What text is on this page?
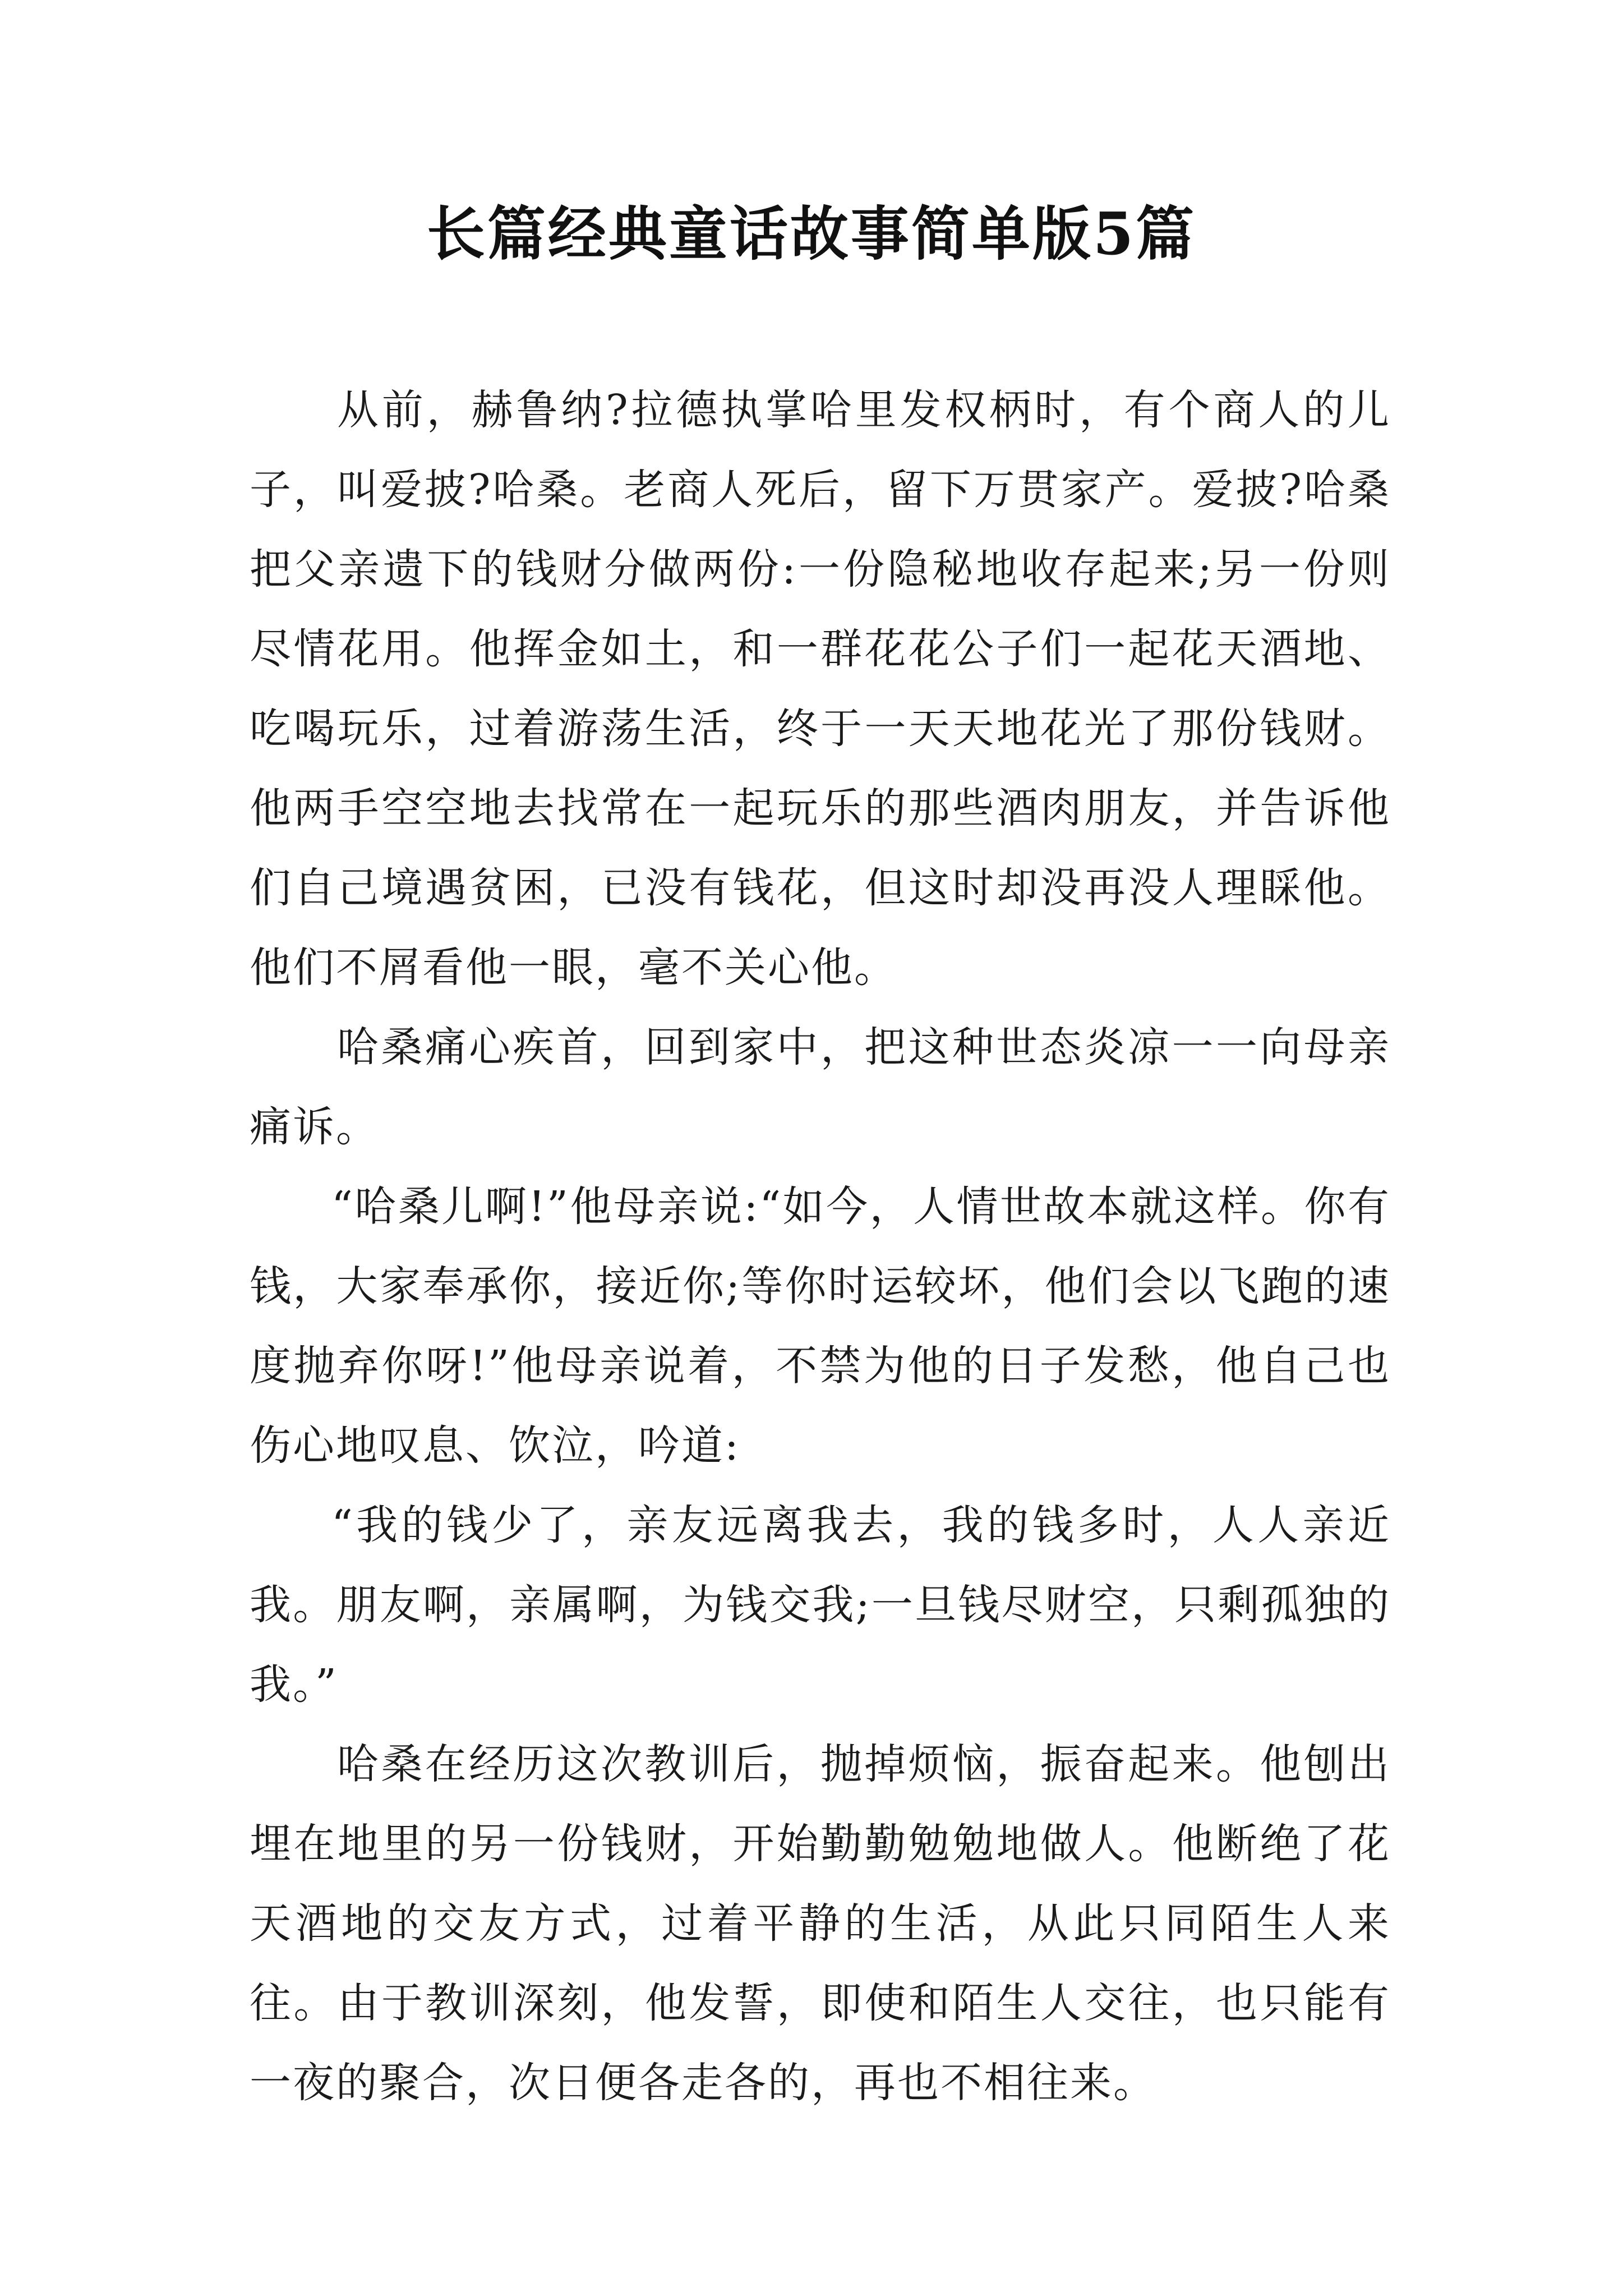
长篇经典童话故事简单版5篇

从前，赫鲁纳?拉德执掌哈里发权柄时，有个商人的儿子，叫爱披?哈桑。老商人死后，留下万贯家产。爱披?哈桑把父亲遗下的钱财分做两份:一份隐秘地收存起来;另一份则尽情花用。他挥金如土，和一群花花公子们一起花天酒地、吃喝玩乐，过着游荡生活，终于一天天地花光了那份钱财。他两手空空地去找常在一起玩乐的那些酒肉朋友，并告诉他们自己境遇贫困，已没有钱花，但这时却没再没人理睬他。他们不屑看他一眼，毫不关心他。

哈桑痛心疾首，回到家中，把这种世态炎凉一一向母亲痛诉。

“哈桑儿啊!”他母亲说:“如今，人情世故本就这样。你有钱，大家奉承你，接近你;等你时运较坏，他们会以飞跑的速度抛弃你呀!”他母亲说着，不禁为他的日子发愁，他自己也伤心地叹息、饮泣，吟道:

“我的钱少了，亲友远离我去，我的钱多时，人人亲近我。朋友啊，亲属啊，为钱交我;一旦钱尽财空，只剩孤独的我。”

哈桑在经历这次教训后，抛掉烦恼，振奋起来。他刨出埋在地里的另一份钱财，开始勤勤勉勉地做人。他断绝了花天酒地的交友方式，过着平静的生活，从此只同陌生人来往。由于教训深刻，他发誓，即使和陌生人交往，也只能有一夜的聚合，次日便各走各的，再也不相往来。
